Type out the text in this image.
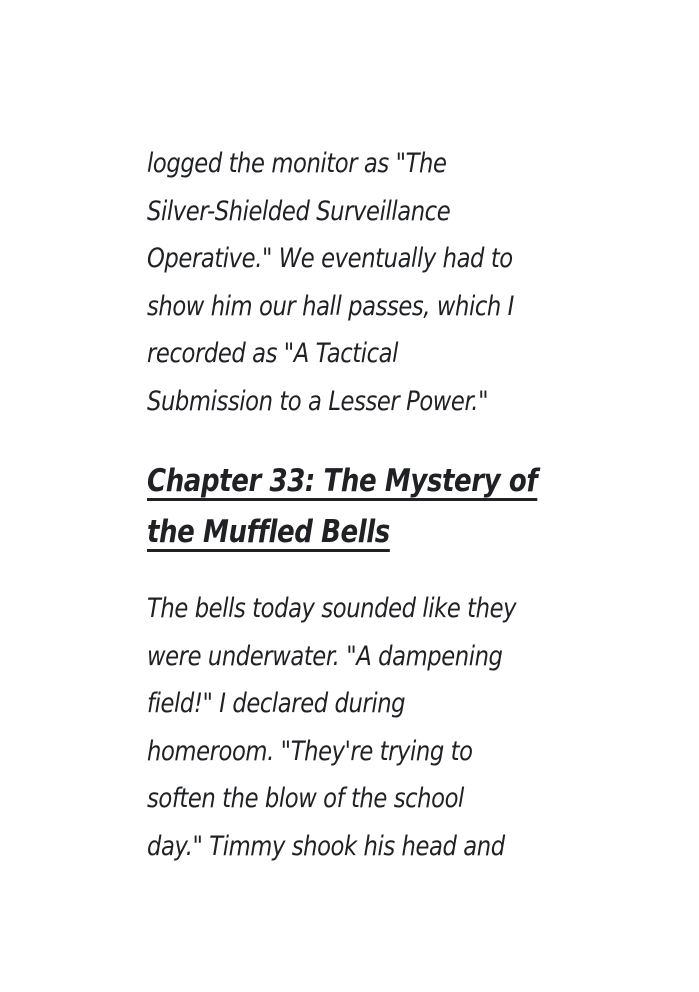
logged the monitor as "The
Silver-Shielded Surveillance
Operative." We eventually had to
show him our hall passes, which I
recorded as "A Tactical
Submission to a Lesser Power."
Chapter 33: The Mystery of
the Muffled Bells
The bells today sounded like they
were underwater. "A dampening
field!" I declared during
homeroom. "They're trying to
soften the blow of the school
day." Timmy shook his head and
